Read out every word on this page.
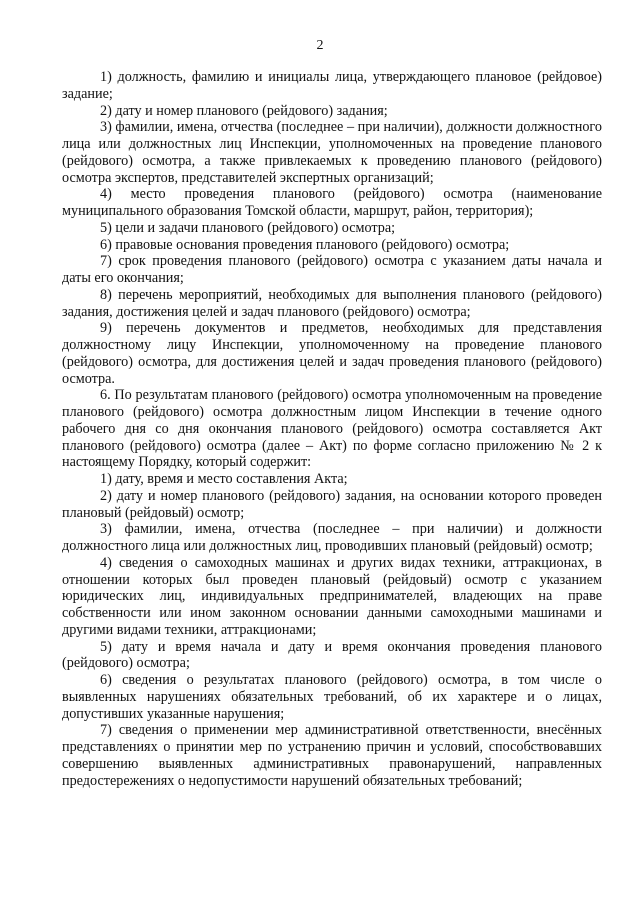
2

1) должность, фамилию и инициалы лица, утверждающего плановое (рейдовое) задание;

2) дату и номер планового (рейдового) задания;

3) фамилии, имена, отчества (последнее – при наличии), должности должностного лица или должностных лиц Инспекции, уполномоченных на проведение планового (рейдового) осмотра, а также привлекаемых к проведению планового (рейдового) осмотра экспертов, представителей экспертных организаций;

4) место проведения планового (рейдового) осмотра (наименование муниципального образования Томской области, маршрут, район, территория);

5) цели и задачи планового (рейдового) осмотра;

6) правовые основания проведения планового (рейдового) осмотра;

7) срок проведения планового (рейдового) осмотра с указанием даты начала и даты его окончания;

8) перечень мероприятий, необходимых для выполнения планового (рейдового) задания, достижения целей и задач планового (рейдового) осмотра;

9) перечень документов и предметов, необходимых для представления должностному лицу Инспекции, уполномоченному на проведение планового (рейдового) осмотра, для достижения целей и задач проведения планового (рейдового) осмотра.

6. По результатам планового (рейдового) осмотра уполномоченным на проведение планового (рейдового) осмотра должностным лицом Инспекции в течение одного рабочего дня со дня окончания планового (рейдового) осмотра составляется Акт планового (рейдового) осмотра (далее – Акт) по форме согласно приложению № 2 к настоящему Порядку, который содержит:

1) дату, время и место составления Акта;

2) дату и номер планового (рейдового) задания, на основании которого проведен плановый (рейдовый) осмотр;

3) фамилии, имена, отчества (последнее – при наличии) и должности должностного лица или должностных лиц, проводивших плановый (рейдовый) осмотр;

4) сведения о самоходных машинах и других видах техники, аттракционах, в отношении которых был проведен плановый (рейдовый) осмотр с указанием юридических лиц, индивидуальных предпринимателей, владеющих на праве собственности или ином законном основании данными самоходными машинами и другими видами техники, аттракционами;

5) дату и время начала и дату и время окончания проведения планового (рейдового) осмотра;

6) сведения о результатах планового (рейдового) осмотра, в том числе о выявленных нарушениях обязательных требований, об их характере и о лицах, допустивших указанные нарушения;

7) сведения о применении мер административной ответственности, внесённых представлениях о принятии мер по устранению причин и условий, способствовавших совершению выявленных административных правонарушений, направленных предостережениях о недопустимости нарушений обязательных требований;
